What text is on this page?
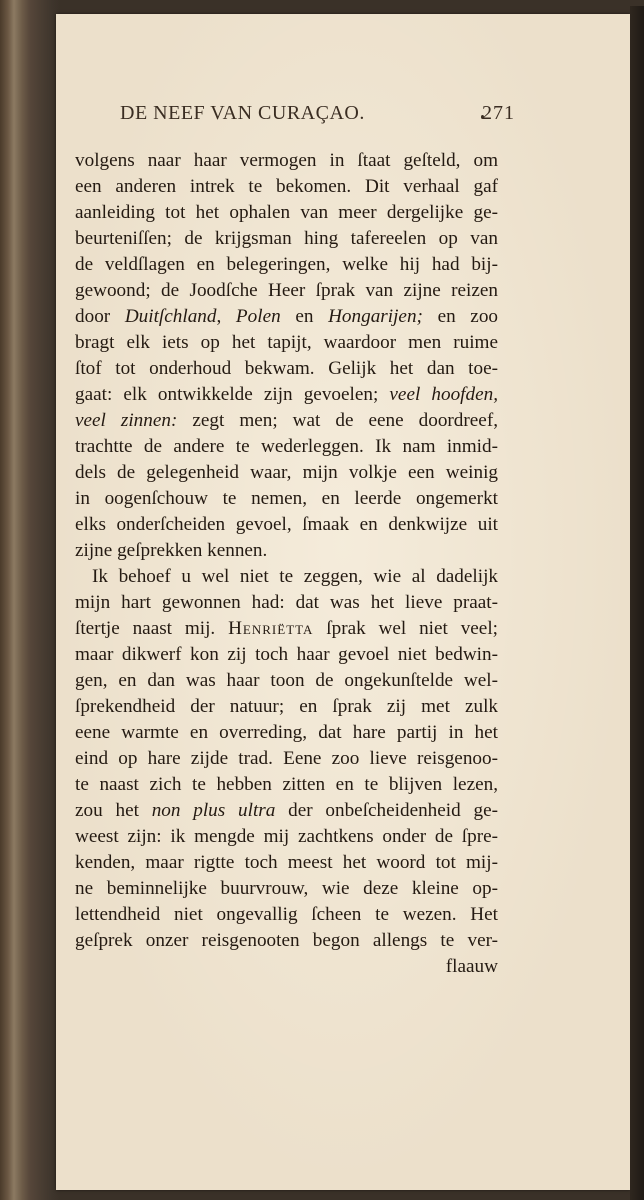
DE NEEF VAN CURAÇAO.	271
volgens naar haar vermogen in ſtaat geſteld, om
een anderen intrek te bekomen. Dit verhaal gaf
aanleiding tot het ophalen van meer dergelijke ge-
beurteniſſen; de krijgsman hing tafereelen op van
de veldſlagen en belegeringen, welke hij had bij-
gewoond; de Joodſche Heer ſprak van zijne reizen
door Duitſchland, Polen en Hongarijen; en zoo
bragt elk iets op het tapijt, waardoor men ruime
ſtof tot onderhoud bekwam. Gelijk het dan toe-
gaat: elk ontwikkelde zijn gevoelen; veel hoofden,
veel zinnen: zegt men; wat de eene doordreef,
trachtte de andere te wederleggen. Ik nam inmid-
dels de gelegenheid waar, mijn volkje een weinig
in oogenſchouw te nemen, en leerde ongemerkt
elks onderſcheiden gevoel, ſmaak en denkwijze uit
zijne geſprekken kennen.
Ik behoef u wel niet te zeggen, wie al dadelijk
mijn hart gewonnen had: dat was het lieve praat-
ſtertje naast mij. Henriëtta ſprak wel niet veel;
maar dikwerf kon zij toch haar gevoel niet bedwin-
gen, en dan was haar toon de ongekunſtelde wel-
ſprekendheid der natuur; en ſprak zij met zulk
eene warmte en overreding, dat hare partij in het
eind op hare zijde trad. Eene zoo lieve reisgenoo-
te naast zich te hebben zitten en te blijven lezen,
zou het non plus ultra der onbeſcheidenheid ge-
weest zijn: ik mengde mij zachtkens onder de ſpre-
kenden, maar rigtte toch meest het woord tot mij-
ne beminnelijke buurvrouw, wie deze kleine op-
lettendheid niet ongevallig ſcheen te wezen. Het
geſprek onzer reisgenooten begon allengs te ver-
flaauw
